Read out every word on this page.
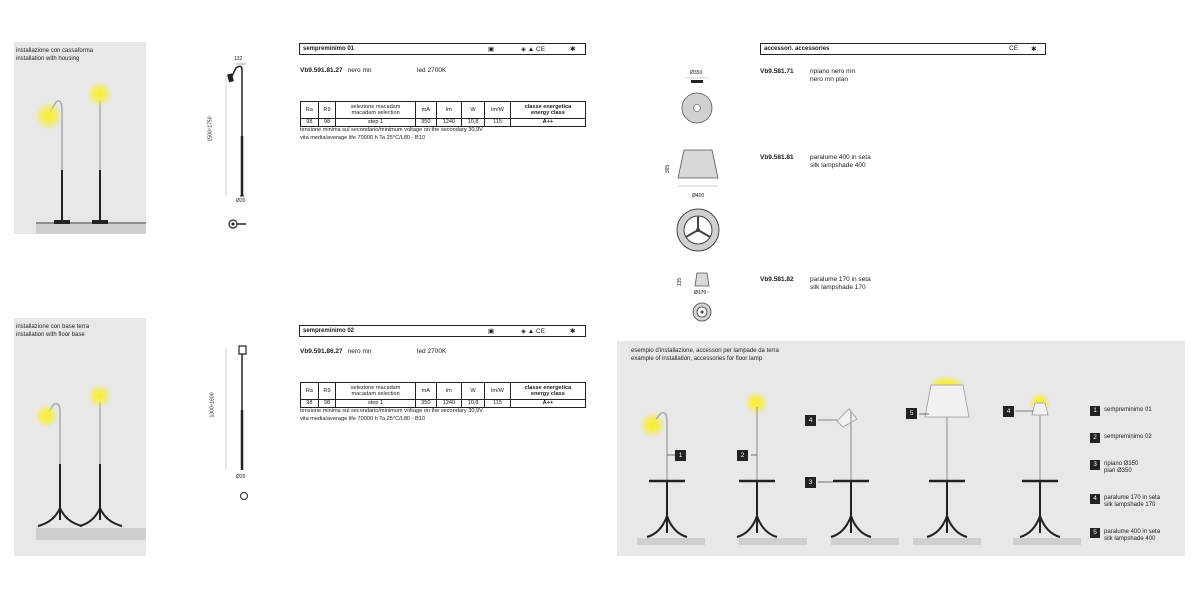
installazione con cassaforma
installation with housing
installazione con base terra
installation with floor base
132
1500÷1750
Ø20
1300÷1600
Ø20
sempreminimo 01	▣	◈ ▲ CE	✱
Vb9.591.81.27 nero mn	led 2700K
Ra	R9	selezione macadam
macadam selection	mA	lm	W	lm/W	classe energetica
energy class
98	98	step 1	350	1240	10,8	115	A++
tensione minima sul secondario/minimum voltage on the secondary 30,9V
vita media/average life 70000 h Ta 25°C/L80 - B10
sempreminimo 02	▣	◈ ▲ CE	✱
Vb9.591.86.27 nero mn	led 2700K
Ra	R9	selezione macadam
macadam selection	mA	lm	W	lm/W	classe energetica
energy class
98	98	step 1	350	1240	10,8	115	A++
tensione minima sul secondario/minimum voltage on the secondary 30,9V
vita media/average life 70000 h Ta 25°C/L80 - B10
accessori. accessories	CE ✱
Vb9.581.71	ripiano nero mn
nero mn plan
Vb9.581.81	paralume 400 in seta
silk lampshade 400
Vb9.581.82	paralume 170 in seta
silk lampshade 170
Ø350
365
Ø400
135
Ø170
esempio d'installazione, accessori per lampade da terra
example of installation, accessories for floor lamp
1	2
3
4
5	4	1	sempreminimo 01
2	sempreminimo 02
3	ripiano Ø350
plan Ø350
4	paralume 170 in seta
silk lampshade 170
5	paralume 400 in seta
silk lampshade 400
